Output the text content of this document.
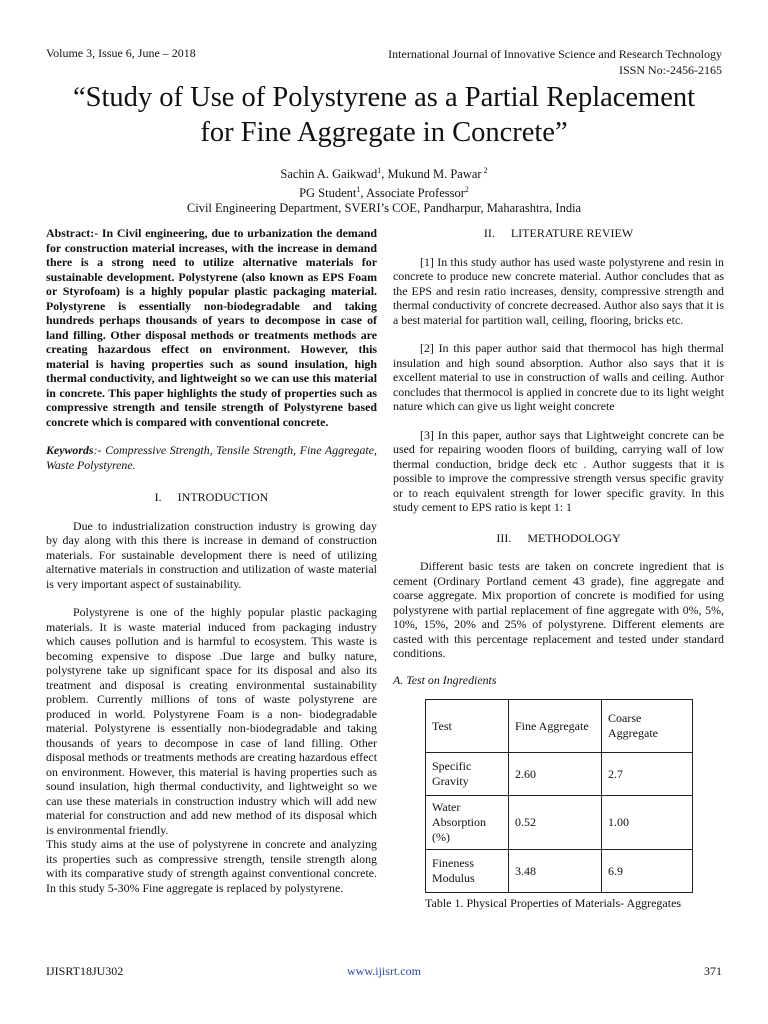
Volume 3, Issue 6, June – 2018	International Journal of Innovative Science and Research Technology
ISSN No:-2456-2165
“Study of Use of Polystyrene as a Partial Replacement
for Fine Aggregate in Concrete”
Sachin A. Gaikwad$^1$, Mukund M. Pawar $^2$
PG Student$^1$, Associate Professor$^2$
Civil Engineering Department, SVERI’s COE, Pandharpur, Maharashtra, India

Abstract:- In Civil engineering, due to urbanization the demand for construction material increases, with the increase in demand there is a strong need to utilize alternative materials for sustainable development. Polystyrene (also known as EPS Foam or Styrofoam) is a highly popular plastic packaging material. Polystyrene is essentially non-biodegradable and taking hundreds perhaps thousands of years to decompose in case of land filling. Other disposal methods or treatments methods are creating hazardous effect on environment. However, this material is having properties such as sound insulation, high thermal conductivity, and lightweight so we can use this material in concrete. This paper highlights the study of properties such as compressive strength and tensile strength of Polystyrene based concrete which is compared with conventional concrete.

Keywords:- Compressive Strength, Tensile Strength, Fine Aggregate, Waste Polystyrene.

I. INTRODUCTION

Due to industrialization construction industry is growing day by day along with this there is increase in demand of construction materials. For sustainable development there is need of utilizing alternative materials in construction and utilization of waste material is very important aspect of sustainability.

Polystyrene is one of the highly popular plastic packaging materials. It is waste material induced from packaging industry which causes pollution and is harmful to ecosystem. This waste is becoming expensive to dispose .Due large and bulky nature, polystyrene take up significant space for its disposal and also its treatment and disposal is creating environmental sustainability problem. Currently millions of tons of waste polystyrene are produced in world. Polystyrene Foam is a non- biodegradable material. Polystyrene is essentially non-biodegradable and taking thousands of years to decompose in case of land filling. Other disposal methods or treatments methods are creating hazardous effect on environment. However, this material is having properties such as sound insulation, high thermal conductivity, and lightweight so we can use these materials in construction industry which will add new material for construction and add new method of its disposal which is environmental friendly.

This study aims at the use of polystyrene in concrete and analyzing its properties such as compressive strength, tensile strength along with its comparative study of strength against conventional concrete. In this study 5-30% Fine aggregate is replaced by polystyrene.

II. LITERATURE REVIEW

[1] In this study author has used waste polystyrene and resin in concrete to produce new concrete material. Author concludes that as the EPS and resin ratio increases, density, compressive strength and thermal conductivity of concrete decreased. Author also says that it is a best material for partition wall, ceiling, flooring, bricks etc.

[2] In this paper author said that thermocol has high thermal insulation and high sound absorption. Author also says that it is excellent material to use in construction of walls and ceiling. Author concludes that thermocol is applied in concrete due to its light weight nature which can give us light weight concrete

[3] In this paper, author says that Lightweight concrete can be used for repairing wooden floors of building, carrying wall of low thermal conduction, bridge deck etc . Author suggests that it is possible to improve the compressive strength versus specific gravity or to reach equivalent strength for lower specific gravity. In this study cement to EPS ratio is kept 1: 1

III. METHODOLOGY

Different basic tests are taken on concrete ingredient that is cement (Ordinary Portland cement 43 grade), fine aggregate and coarse aggregate. Mix proportion of concrete is modified for using polystyrene with partial replacement of fine aggregate with 0%, 5%, 10%, 15%, 20% and 25% of polystyrene. Different elements are casted with this percentage replacement and tested under standard conditions.

A. Test on Ingredients

Test	Fine Aggregate	Coarse Aggregate
Specific Gravity	2.60	2.7
Water Absorption (%)	0.52	1.00
Fineness Modulus	3.48	6.9
Table 1. Physical Properties of Materials- Aggregates
IJISRT18JU302	www.ijisrt.com	371
